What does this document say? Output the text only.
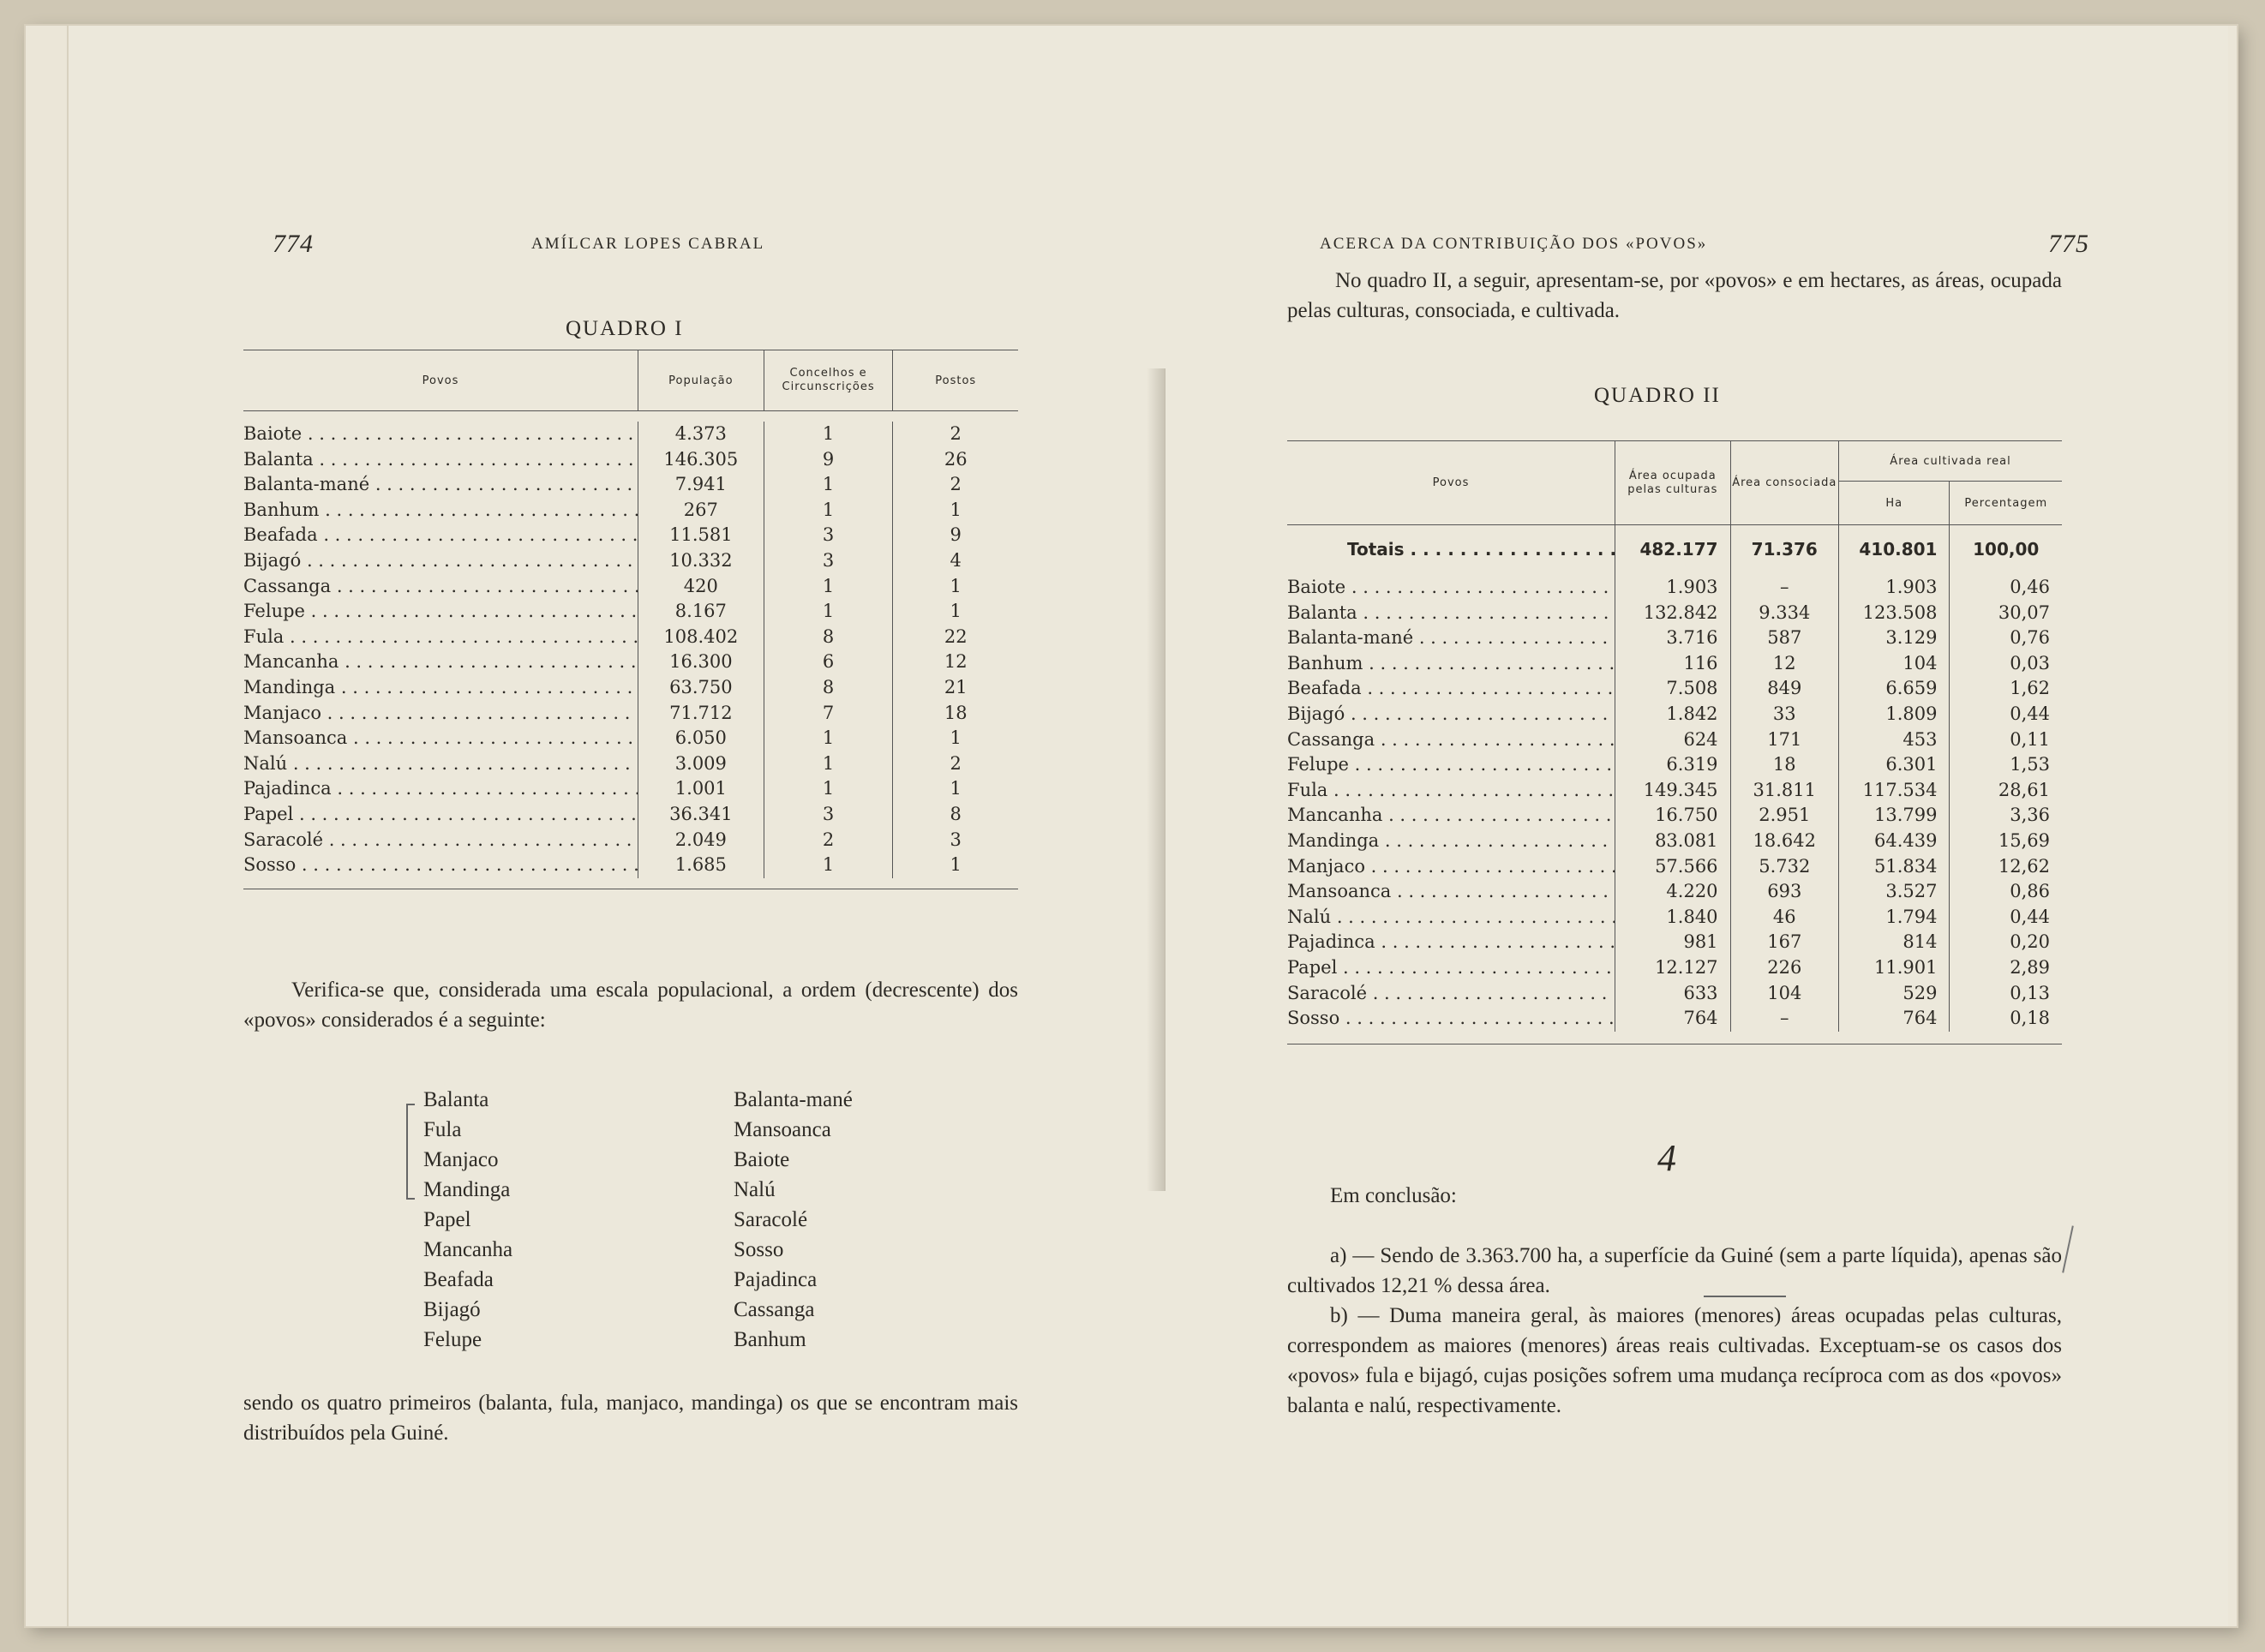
774	AMÍLCAR LOPES CABRAL
QUADRO I
Povos	População	Concelhos e Circunscrições	Postos

Baiote . . .	4.373	1	2
Balanta . . .	146.305	9	26
Balanta-mané . . .	7.941	1	2
Banhum . . .	267	1	1
Beafada . . .	11.581	3	9
Bijagó . . .	10.332	3	4
Cassanga . . .	420	1	1
Felupe . . .	8.167	1	1
Fula . . .	108.402	8	22
Mancanha . . .	16.300	6	12
Mandinga . . .	63.750	8	21
Manjaco . . .	71.712	7	18
Mansoanca . . .	6.050	1	1
Nalú . . .	3.009	1	2
Pajadinca . . .	1.001	1	1
Papel . . .	36.341	3	8
Saracolé . . .	2.049	2	3
Sosso . . .	1.685	1	1

Verifica-se que, considerada uma escala populacional, a ordem (decrescente) dos «povos» considerados é a seguinte:

Balanta
Fula
Manjaco
Mandinga
Papel
Mancanha
Beafada
Bijagó
Felupe
Balanta-mané
Mansoanca
Baiote
Nalú
Saracolé
Sosso
Pajadinca
Cassanga
Banhum

sendo os quatro primeiros (balanta, fula, manjaco, mandinga) os que se encontram mais distribuídos pela Guiné.

ACERCA DA CONTRIBUIÇÃO DOS «POVOS»	775

No quadro II, a seguir, apresentam-se, por «povos» e em hectares, as áreas, ocupada pelas culturas, consociada, e cultivada.

QUADRO II
Povos	Área ocupada pelas culturas	Área consociada	Área cultivada real	
			Ha	Percentagem
Totais . . .	482.177	71.376	410.801	100,00
Baiote . . .	1.903	–	1.903	0,46
Balanta . . .	132.842	9.334	123.508	30,07
Balanta-mané . . .	3.716	587	3.129	0,76
Banhum . . .	116	12	104	0,03
Beafada . . .	7.508	849	6.659	1,62
Bijagó . . .	1.842	33	1.809	0,44
Cassanga . . .	624	171	453	0,11
Felupe . . .	6.319	18	6.301	1,53
Fula . . .	149.345	31.811	117.534	28,61
Mancanha . . .	16.750	2.951	13.799	3,36
Mandinga . . .	83.081	18.642	64.439	15,69
Manjaco . . .	57.566	5.732	51.834	12,62
Mansoanca . . .	4.220	693	3.527	0,86
Nalú . . .	1.840	46	1.794	0,44
Pajadinca . . .	981	167	814	0,20
Papel . . .	12.127	226	11.901	2,89
Saracolé . . .	633	104	529	0,13
Sosso . . .	764	–	764	0,18

4

Em conclusão:

a) — Sendo de 3.363.700 ha, a superfície da Guiné (sem a parte líquida), apenas são cultivados 12,21 % dessa área.

b) — Duma maneira geral, às maiores (menores) áreas ocupadas pelas culturas, correspondem as maiores (menores) áreas reais cultivadas. Exceptuam-se os casos dos «povos» fula e bijagó, cujas posições sofrem uma mudança recíproca com as dos «povos» balanta e nalú, respectivamente.
